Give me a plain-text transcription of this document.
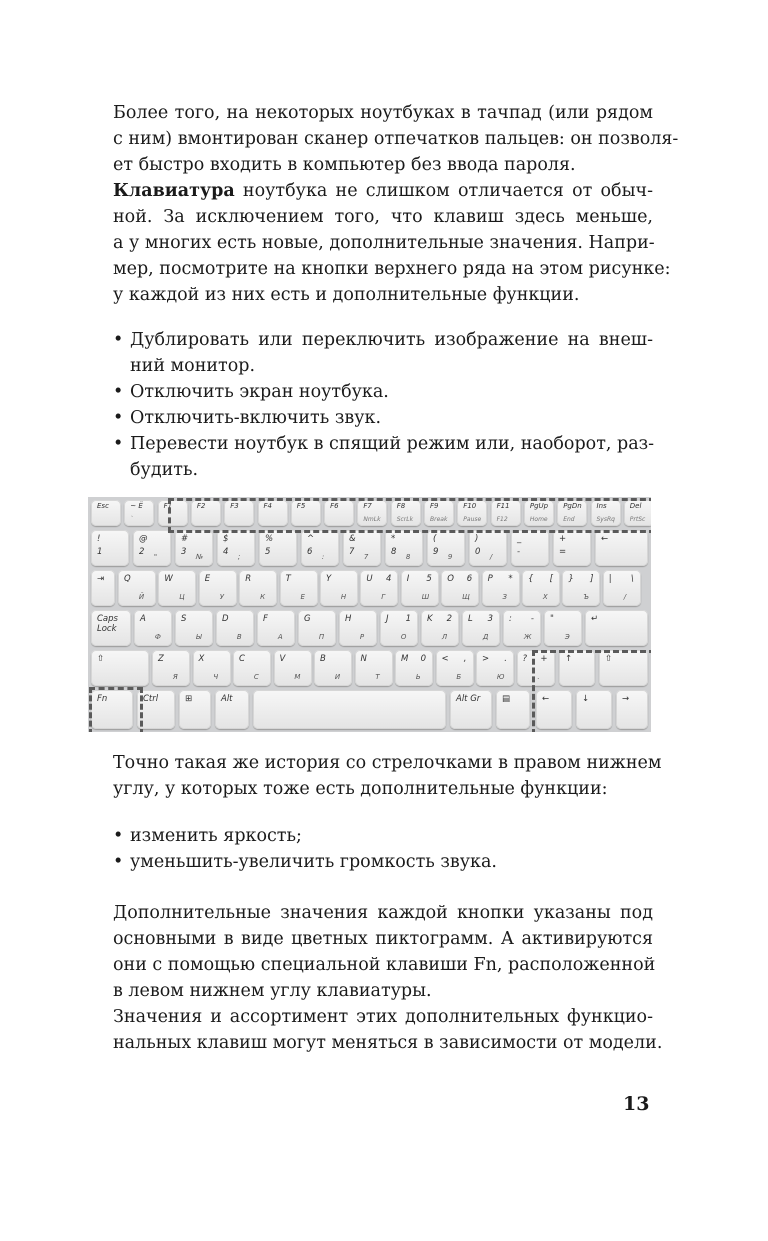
Более того, на некоторых ноутбуках в тачпад (или рядом
с ним) вмонтирован сканер отпечатков пальцев: он позволя-
ет быстро входить в компьютер без ввода пароля.

Клавиатура ноутбука не слишком отличается от обыч-
ной. За исключением того, что клавиш здесь меньше,
а у многих есть новые, дополнительные значения. Напри-
мер, посмотрите на кнопки верхнего ряда на этом рисунке:
у каждой из них есть и дополнительные функции.

• Дублировать или переключить изображение на внеш-
ний монитор.
• Отключить экран ноутбука.
• Отключить-включить звук.
• Перевести ноутбук в спящий режим или, наоборот, раз-
будить.
Esc	~ Ё
`
F1	F2	F3	F4	F5	F6	F7
NmLk
F8
ScrLk
F9
Break
F10
Pause
F11
F12
PgUp
Home
PgDn
End
Ins
SysRq
Del
PrtSc
!
1
@
2 "
#
3 №
$
4 ;
%
5
^
6 :
&
7 7
*
8 8
(
9 9
)
0 /
_
-
+
=
←
⇥ Q
Й
W
Ц
E
У
R
К
T
Е
Y
Н
U
Г
4 I
Ш
5 O
Щ
6 P
З
* {
Х
[ }
Ъ
] |
/
\
Caps Lock
A
Ф
S
Ы
D
В
F
А
G
П
H
Р
J
О
1 K
Л
2 L
Д
3 :
Ж
- "
Э
↵
⇧	Z
Я
X
Ч
C
С
V
М
B
И
N
Т
M
Ь
0 <
Б
, >
Ю
. ?
.
+ ↑	⇧
Fn	Ctrl	⊞	Alt	Alt Gr	▤	←	↓	→

Точно такая же история со стрелочками в правом нижнем
углу, у которых тоже есть дополнительные функции:

• изменить яркость;
• уменьшить-увеличить громкость звука.

Дополнительные значения каждой кнопки указаны под
основными в виде цветных пиктограмм. А активируются
они с помощью специальной клавиши Fn, расположенной
в левом нижнем углу клавиатуры.

Значения и ассортимент этих дополнительных функцио-
нальных клавиш могут меняться в зависимости от модели.

13
